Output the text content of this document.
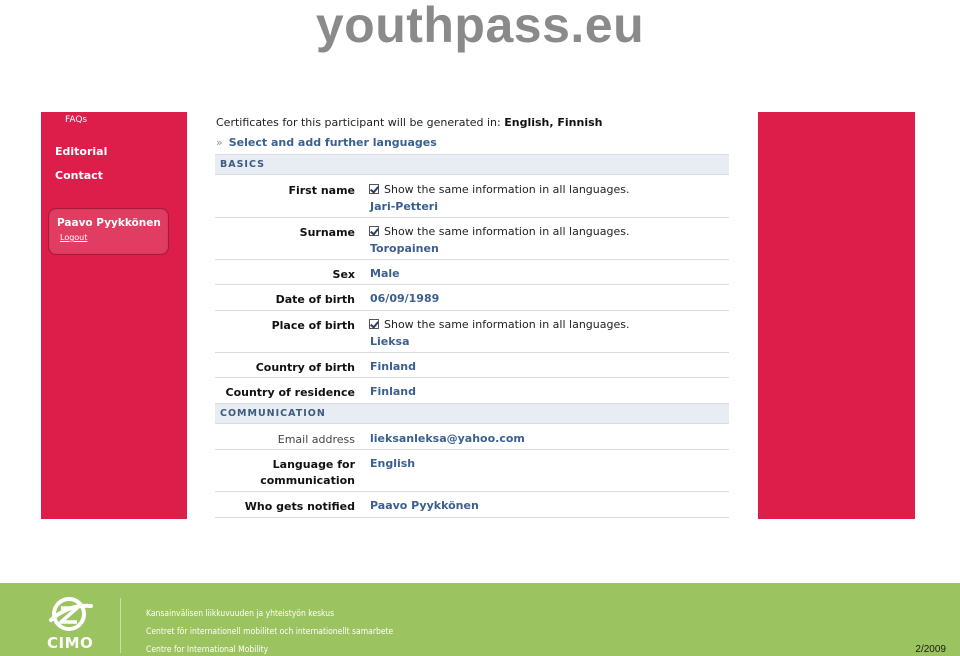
youthpass.eu
FAQs
Editorial
Contact
Paavo Pyykkönen
Logout
Certificates for this participant will be generated in: English, Finnish
» Select and add further languages
BASICS
First name	Show the same information in all languages.
Jari-Petteri
Surname	Show the same information in all languages.
Toropainen
Sex Male
Date of birth 06/09/1989
Place of birth	Show the same information in all languages.
Lieksa
Country of birth Finland
Country of residence Finland
COMMUNICATION
Email address lieksanleksa@yahoo.com
Language for
communication
English
Who gets notified Paavo Pyykkönen
CIMO
Kansainvälisen liikkuvuuden ja yhteistyön keskus
Centret för internationell mobilitet och internationellt samarbete
Centre for International Mobility	2/2009
